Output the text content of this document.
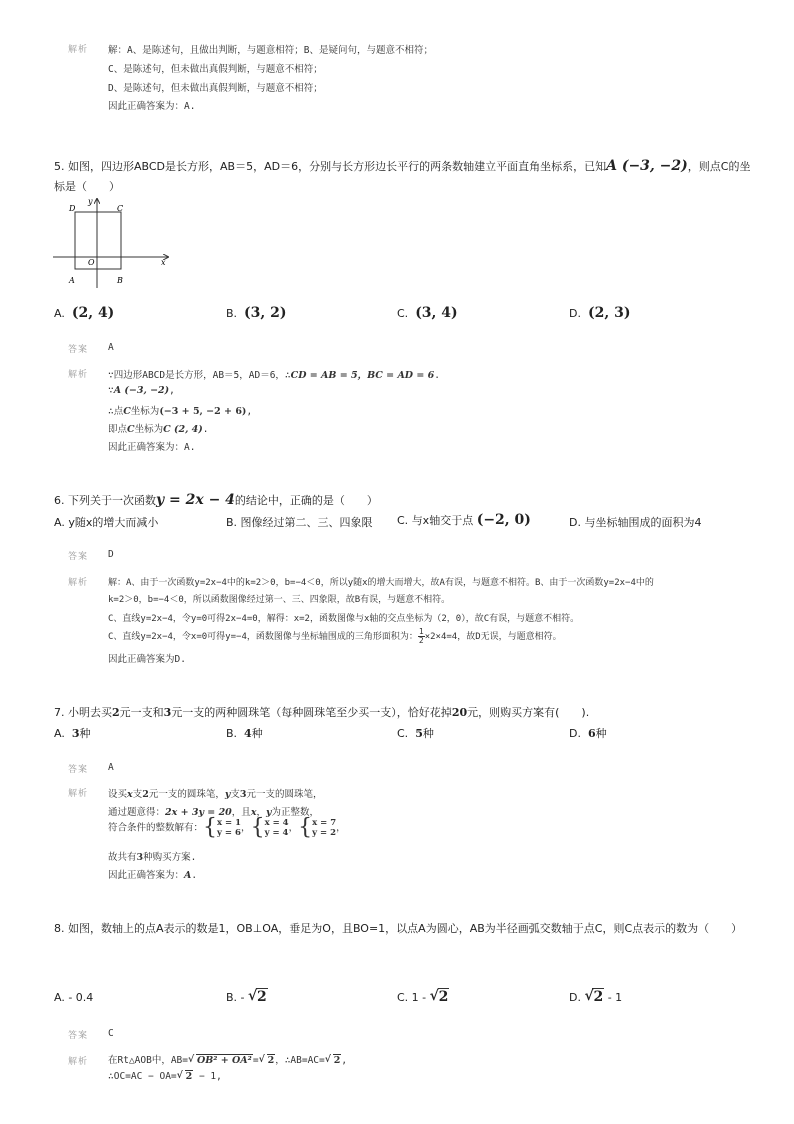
解析 解：A、是陈述句，且做出判断，与题意相符；B、是疑问句，与题意不相符；
C、是陈述句，但未做出真假判断，与题意不相符；
D、是陈述句，但未做出真假判断，与题意不相符；
因此正确答案为：A.
5. 如图，四边形ABCD是长方形，AB＝5，AD＝6，分别与长方形边长平行的两条数轴建立平面直角坐标系，已知A (−3, −2)，则点C的坐
标是（　　）
D	C
O
A	B
x
y
A. (2, 4)	B. (3, 2)	C. (3, 4)	D. (2, 3)
答案 A
解析 ∵四边形ABCD是长方形，AB＝5，AD＝6，∴CD = AB = 5，BC = AD = 6.
∵A (−3, −2),
∴点C坐标为(−3 + 5, −2 + 6),
即点C坐标为C (2, 4).
因此正确答案为：A.
6. 下列关于一次函数y = 2x − 4的结论中，正确的是（　　）
A. y随x的增大而减小	B. 图像经过第二、三、四象限 C. 与x轴交于点 (−2, 0)	D. 与坐标轴围成的面积为4
答案 D
解析 解：A、由于一次函数y=2x−4中的k=2＞0，b=−4＜0，所以y随x的增大而增大，故A有误，与题意不相符。B、由于一次函数y=2x−4中的
k=2＞0，b=−4＜0，所以函数图像经过第一、三、四象限，故B有误，与题意不相符。
C、直线y=2x−4，令y=0可得2x−4=0，解得：x=2，函数图像与x轴的交点坐标为（2，0），故C有误，与题意不相符。
C、直线y=2x−4，令x=0可得y=−4，函数图像与坐标轴围成的三角形面积为： $\frac{1}{2}\times 2\times 4=4$，故D无误，与题意相符。
因此正确答案为D.
7. 小明去买2元一支和3元一支的两种圆珠笔（每种圆珠笔至少买一支），恰好花掉20元，则购买方案有(　　).
A. 3种	B. 4种	C. 5种	D. 6种
答案 A
解析 设买x支2元一支的圆珠笔，y支3元一支的圆珠笔，
通过题意得：2x + 3y = 20，且x，y为正整数，
符合条件的整数解有：{x = 1
y = 6，{x = 4
y = 4，{x = 7
y = 2，
故共有3种购买方案.
因此正确答案为：A.
8. 如图，数轴上的点A表示的数是1，OB⊥OA，垂足为O，且BO=1，以点A为圆心，AB为半径画弧交数轴于点C，则C点表示的数为（　　）
A. - 0.4	B. - √ 2	C. 1 - √ 2	D. √ 2 - 1
答案 C
解析 在Rt△AOB中，AB= √ OB² + OA²= √ 2，∴AB=AC= √ 2,
∴OC=AC − OA= √ 2 − 1,
